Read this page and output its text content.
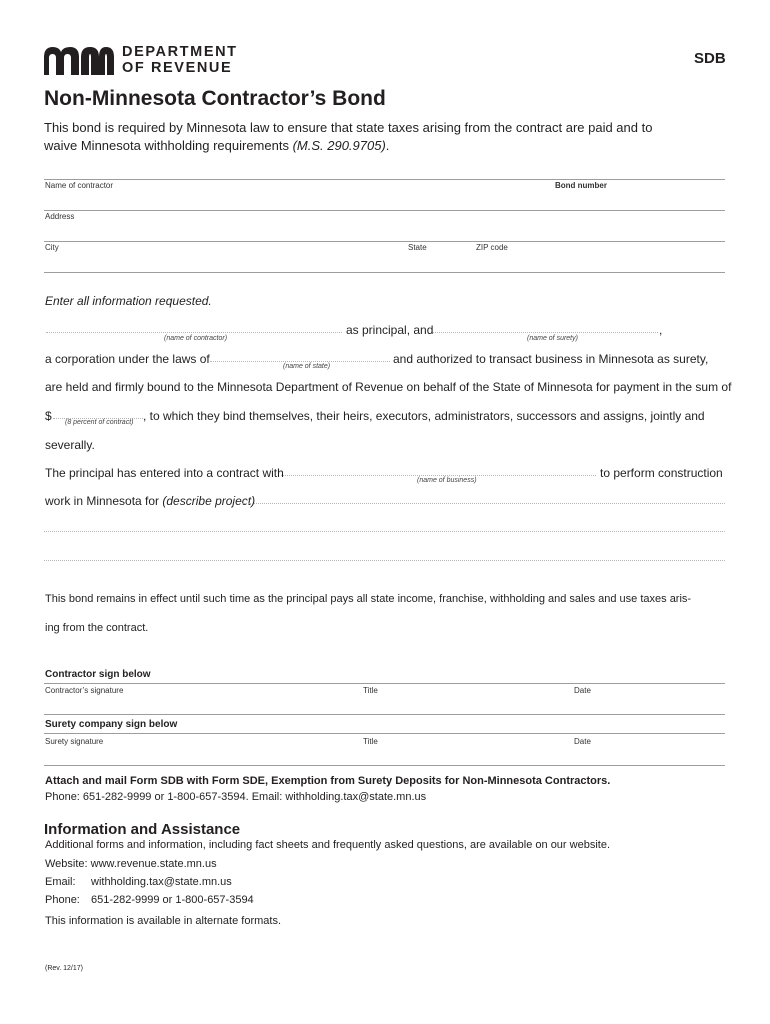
DEPARTMENT
OF REVENUE
SDB
Non-Minnesota Contractor’s Bond
This bond is required by Minnesota law to ensure that state taxes arising from the contract are paid and to
waive Minnesota withholding requirements (M.S. 290.9705).
Name of contractor	Bond number
Address
City	State	ZIP code
Enter all information requested.
(name of contractor)
as principal, and
(name of surety)
,
a corporation under the laws of
(name of state)
and authorized to transact business in Minnesota as surety,
are held and firmly bound to the Minnesota Department of Revenue on behalf of the State of Minnesota for payment in the sum of
$ (8 percent of contract) , to which they bind themselves, their heirs, executors, administrators, successors and assigns, jointly and
severally.
The principal has entered into a contract with
(name of business)
to perform construction
work in Minnesota for (describe project)
This bond remains in effect until such time as the principal pays all state income, franchise, withholding and sales and use taxes aris-
ing from the contract.
Contractor sign below
Contractor’s signature	Title	Date
Surety company sign below
Surety signature	Title	Date
Attach and mail Form SDB with Form SDE, Exemption from Surety Deposits for Non-Minnesota Contractors.
Phone: 651-282-9999 or 1-800-657-3594. Email: withholding.tax@state.mn.us
Information and Assistance
Additional forms and information, including fact sheets and frequently asked questions, are available on our website.
Website: www.revenue.state.mn.us
Email: withholding.tax@state.mn.us
Phone: 651-282-9999 or 1-800-657-3594
This information is available in alternate formats.
(Rev. 12/17)
